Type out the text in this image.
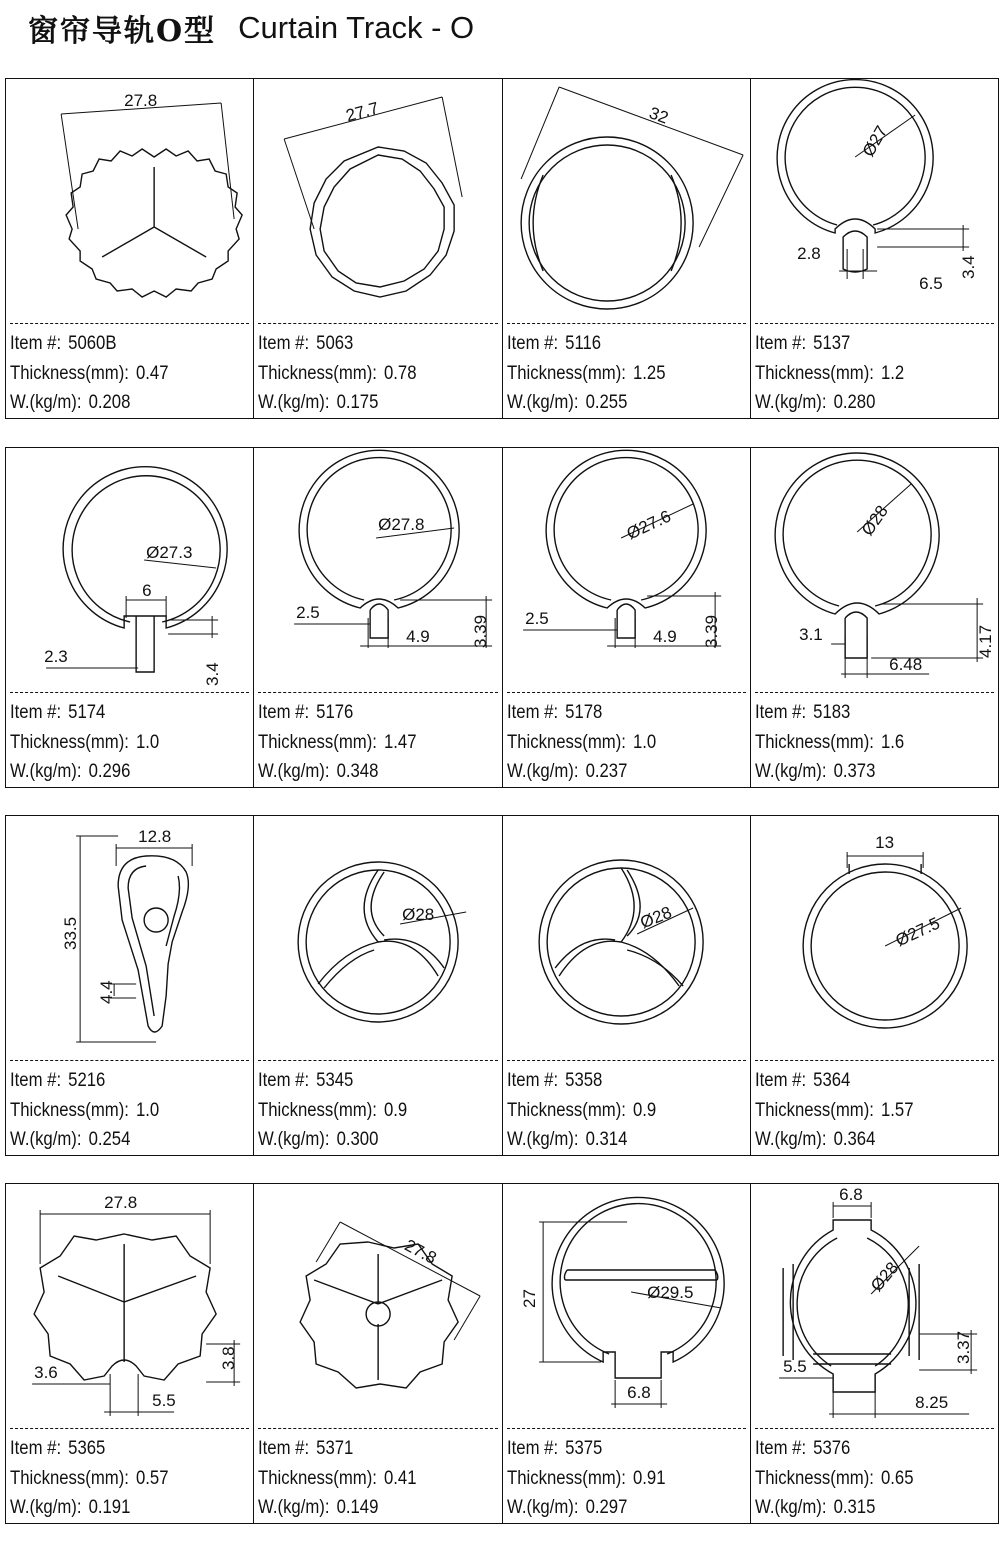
窗帘导轨O型 Curtain Track - O
27.8
Item #: 5060B
Thickness(mm): 0.47
W.(kg/m): 0.208
27.7
Item #: 5063
Thickness(mm): 0.78
W.(kg/m): 0.175
32
Item #: 5116
Thickness(mm): 1.25
W.(kg/m): 0.255
Ø27
2.8
6.5
3.4
Item #: 5137
Thickness(mm): 1.2
W.(kg/m): 0.280
Ø27.3
6
2.3
3.4
Item #: 5174
Thickness(mm): 1.0
W.(kg/m): 0.296
Ø27.8
2.5
4.9 3.39
Item #: 5176
Thickness(mm): 1.47
W.(kg/m): 0.348
Ø27.6
2.5
4.9 3.39
Item #: 5178
Thickness(mm): 1.0
W.(kg/m): 0.237
Ø28
3.1
6.48
4.17
Item #: 5183
Thickness(mm): 1.6
W.(kg/m): 0.373
12.8
33.5
4.4
Item #: 5216
Thickness(mm): 1.0
W.(kg/m): 0.254
Ø28
Item #: 5345
Thickness(mm): 0.9
W.(kg/m): 0.300
Ø28
Item #: 5358
Thickness(mm): 0.9
W.(kg/m): 0.314
13
Ø27.5
Item #: 5364
Thickness(mm): 1.57
W.(kg/m): 0.364
27.8
3.8
3.6
5.5
Item #: 5365
Thickness(mm): 0.57
W.(kg/m): 0.191
27.8
Item #: 5371
Thickness(mm): 0.41
W.(kg/m): 0.149
27	Ø29.5
6.8
Item #: 5375
Thickness(mm): 0.91
W.(kg/m): 0.297
6.8
Ø28
3.37
5.5
8.25
Item #: 5376
Thickness(mm): 0.65
W.(kg/m): 0.315
